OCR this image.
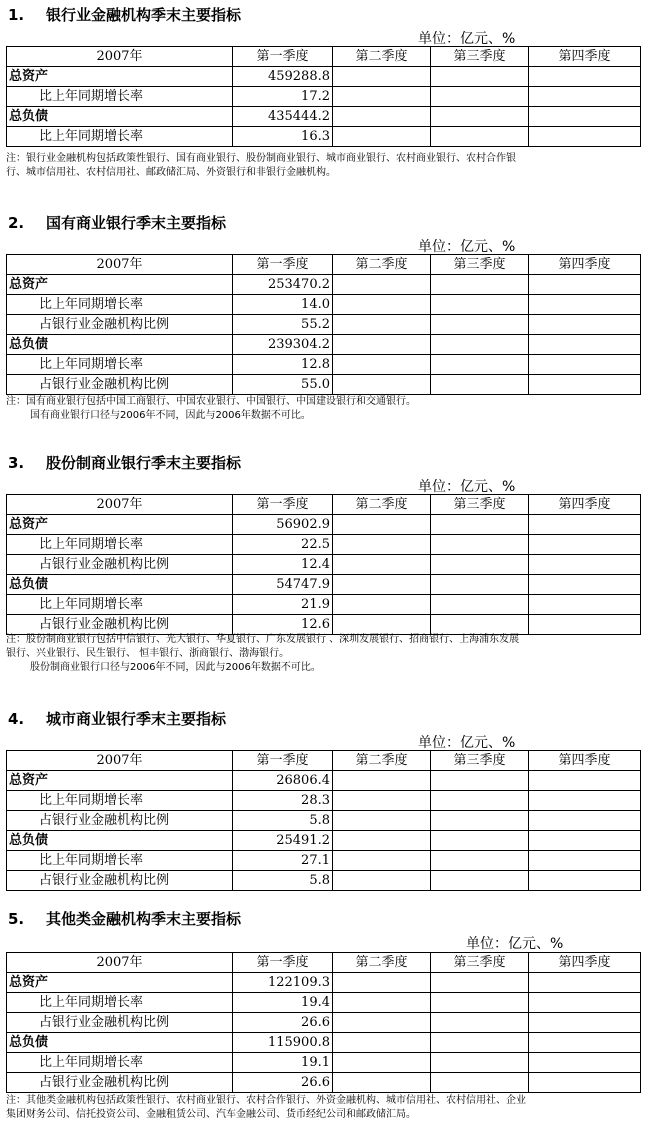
1. 银行业金融机构季末主要指标
单位：亿元、%
2007年	第一季度	第二季度	第三季度	第四季度
总资产	459288.8			
比上年同期增长率	17.2			
总负债	435444.2			
比上年同期增长率	16.3			
注：银行业金融机构包括政策性银行、国有商业银行、股份制商业银行、城市商业银行、农村商业银行、农村合作银
行、城市信用社、农村信用社、邮政储汇局、外资银行和非银行金融机构。
2. 国有商业银行季末主要指标
单位：亿元、%
2007年	第一季度	第二季度	第三季度	第四季度
总资产	253470.2			
比上年同期增长率	14.0			
占银行业金融机构比例	55.2			
总负债	239304.2			
比上年同期增长率	12.8			
占银行业金融机构比例	55.0			
注：国有商业银行包括中国工商银行、中国农业银行、中国银行、中国建设银行和交通银行。
国有商业银行口径与2006年不同，因此与2006年数据不可比。
3. 股份制商业银行季末主要指标
单位：亿元、%
2007年	第一季度	第二季度	第三季度	第四季度
总资产	56902.9			
比上年同期增长率	22.5			
占银行业金融机构比例	12.4			
总负债	54747.9			
比上年同期增长率	21.9			
占银行业金融机构比例	12.6			
注：股份制商业银行包括中信银行、光大银行、华夏银行、广东发展银行 、深圳发展银行、招商银行、上海浦东发展
银行、兴业银行、民生银行、 恒丰银行、浙商银行、渤海银行。
股份制商业银行口径与2006年不同，因此与2006年数据不可比。
4. 城市商业银行季末主要指标
单位：亿元、%
2007年	第一季度	第二季度	第三季度	第四季度
总资产	26806.4			
比上年同期增长率	28.3			
占银行业金融机构比例	5.8			
总负债	25491.2			
比上年同期增长率	27.1			
占银行业金融机构比例	5.8			
5. 其他类金融机构季末主要指标
单位：亿元、%
2007年	第一季度	第二季度	第三季度	第四季度
总资产	122109.3			
比上年同期增长率	19.4			
占银行业金融机构比例	26.6			
总负债	115900.8			
比上年同期增长率	19.1			
占银行业金融机构比例	26.6			
注：其他类金融机构包括政策性银行、农村商业银行、农村合作银行、外资金融机构、城市信用社、农村信用社、企业
集团财务公司、信托投资公司、金融租赁公司、汽车金融公司、货币经纪公司和邮政储汇局。
